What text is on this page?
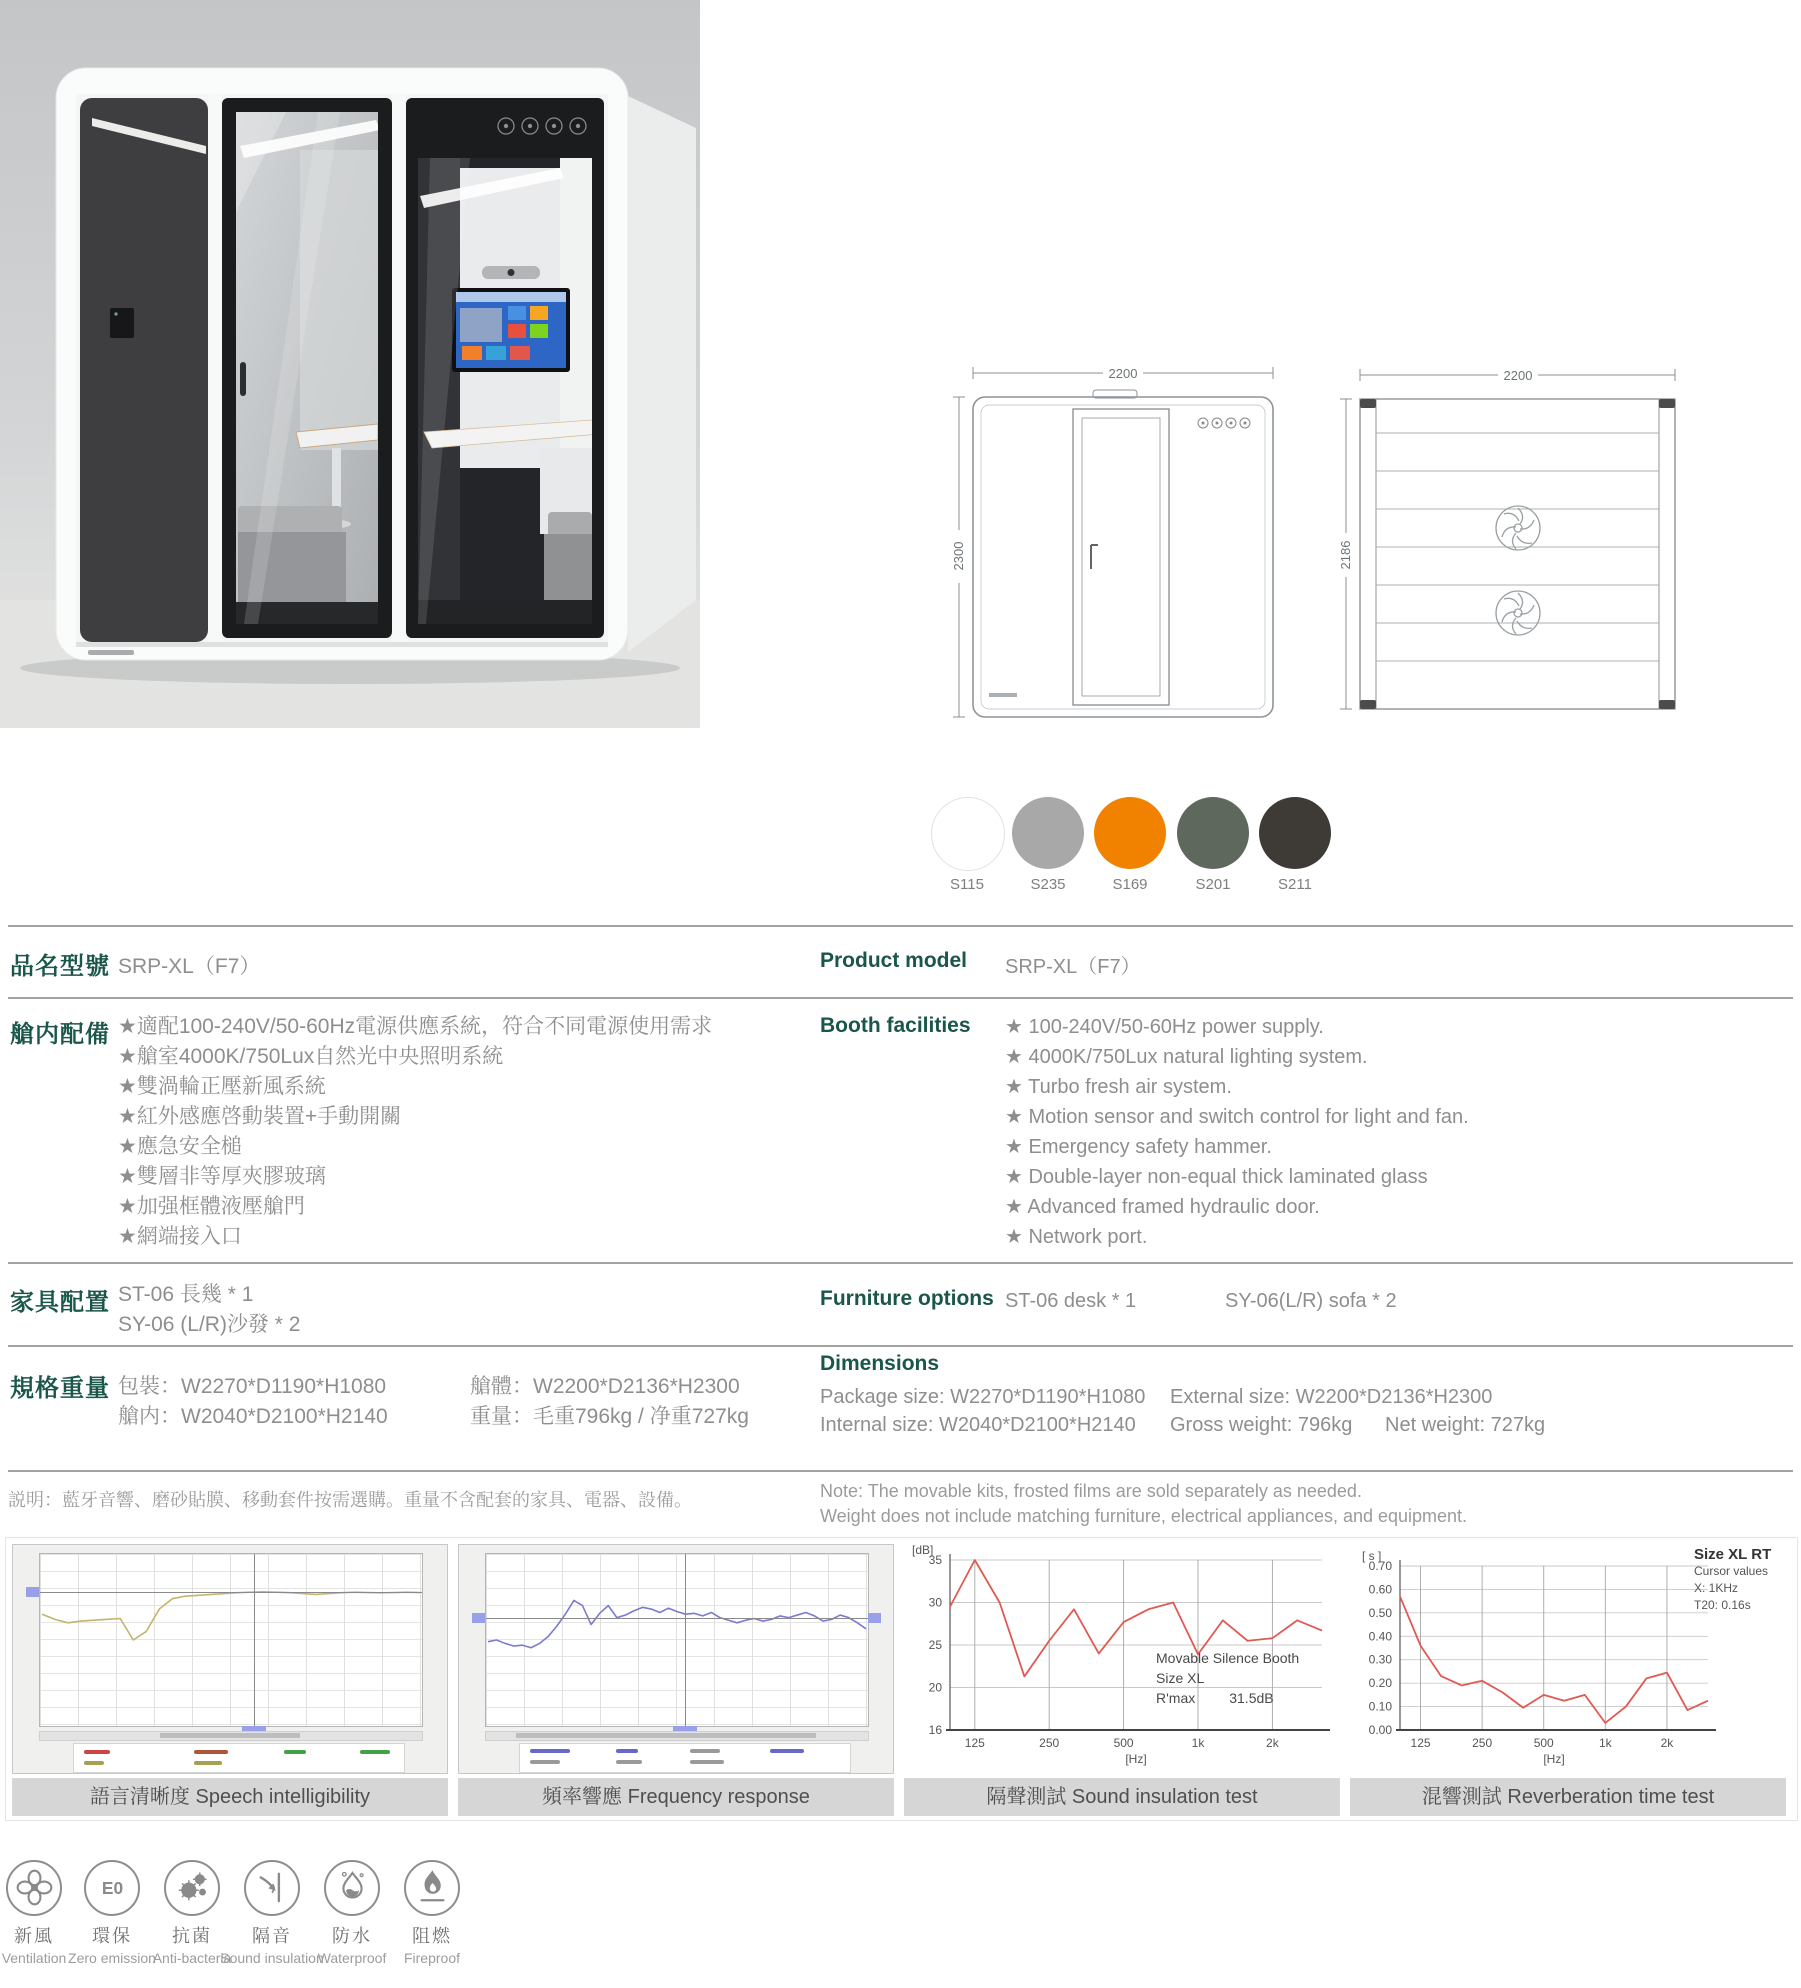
2200
2300
2200
2186
S115	S235	S169	S201	S211
品名型號 SRP-XL（F7）	Product model SRP-XL（F7）
艙内配備 ★適配100-240V/50-60Hz電源供應系統，符合不同電源使用需求
★艙室4000K/750Lux自然光中央照明系統
★雙渦輪正壓新風系統
★紅外感應啓動裝置+手動開關
★應急安全槌
★雙層非等厚夾膠玻璃
★加强框體液壓艙門
★網端接入口
Booth facilities ★ 100-240V/50-60Hz power supply.
★ 4000K/750Lux natural lighting system.
★ Turbo fresh air system.
★ Motion sensor and switch control for light and fan.
★ Emergency safety hammer.
★ Double-layer non-equal thick laminated glass
★ Advanced framed hydraulic door.
★ Network port.
家具配置 ST-06 長幾 * 1
SY-06 (L/R)沙發 * 2
Furniture options ST-06 desk * 1	SY-06(L/R) sofa * 2
規格重量 包裝：W2270*D1190*H1080	艙體：W2200*D2136*H2300
艙内：W2040*D2100*H2140	重量：毛重796kg / 净重727kg
Dimensions
Package size: W2270*D1190*H1080 External size: W2200*D2136*H2300
Internal size: W2040*D2100*H2140 Gross weight: 796kg Net weight: 727kg
説明：藍牙音響、磨砂貼膜、移動套件按需選購。重量不含配套的家具、電器、設備。	Note: The movable kits, frosted films are sold separately as needed.
Weight does not include matching furniture, electrical appliances, and equipment.
語言清晰度 Speech intelligibility	頻率響應 Frequency response
16
20
25
30
35
125	250	500	1k	2k
[dB]
[Hz]
Movable Silence Booth
Size XL
R'max 31.5dB
隔聲測試 Sound insulation test
0.00
0.10
0.20
0.30
0.40
0.50
0.60
0.70
125	250	500	1k	2k
[ s ]
[Hz]
Size XL RT
Cursor values
X: 1KHz
T20: 0.16s
混響測試 Reverberation time test
新風
Ventilation
E0
環保
Zero emission
抗菌
Anti-bacteria
隔音
Sound insulation
防水
Waterproof
阻燃
Fireproof
